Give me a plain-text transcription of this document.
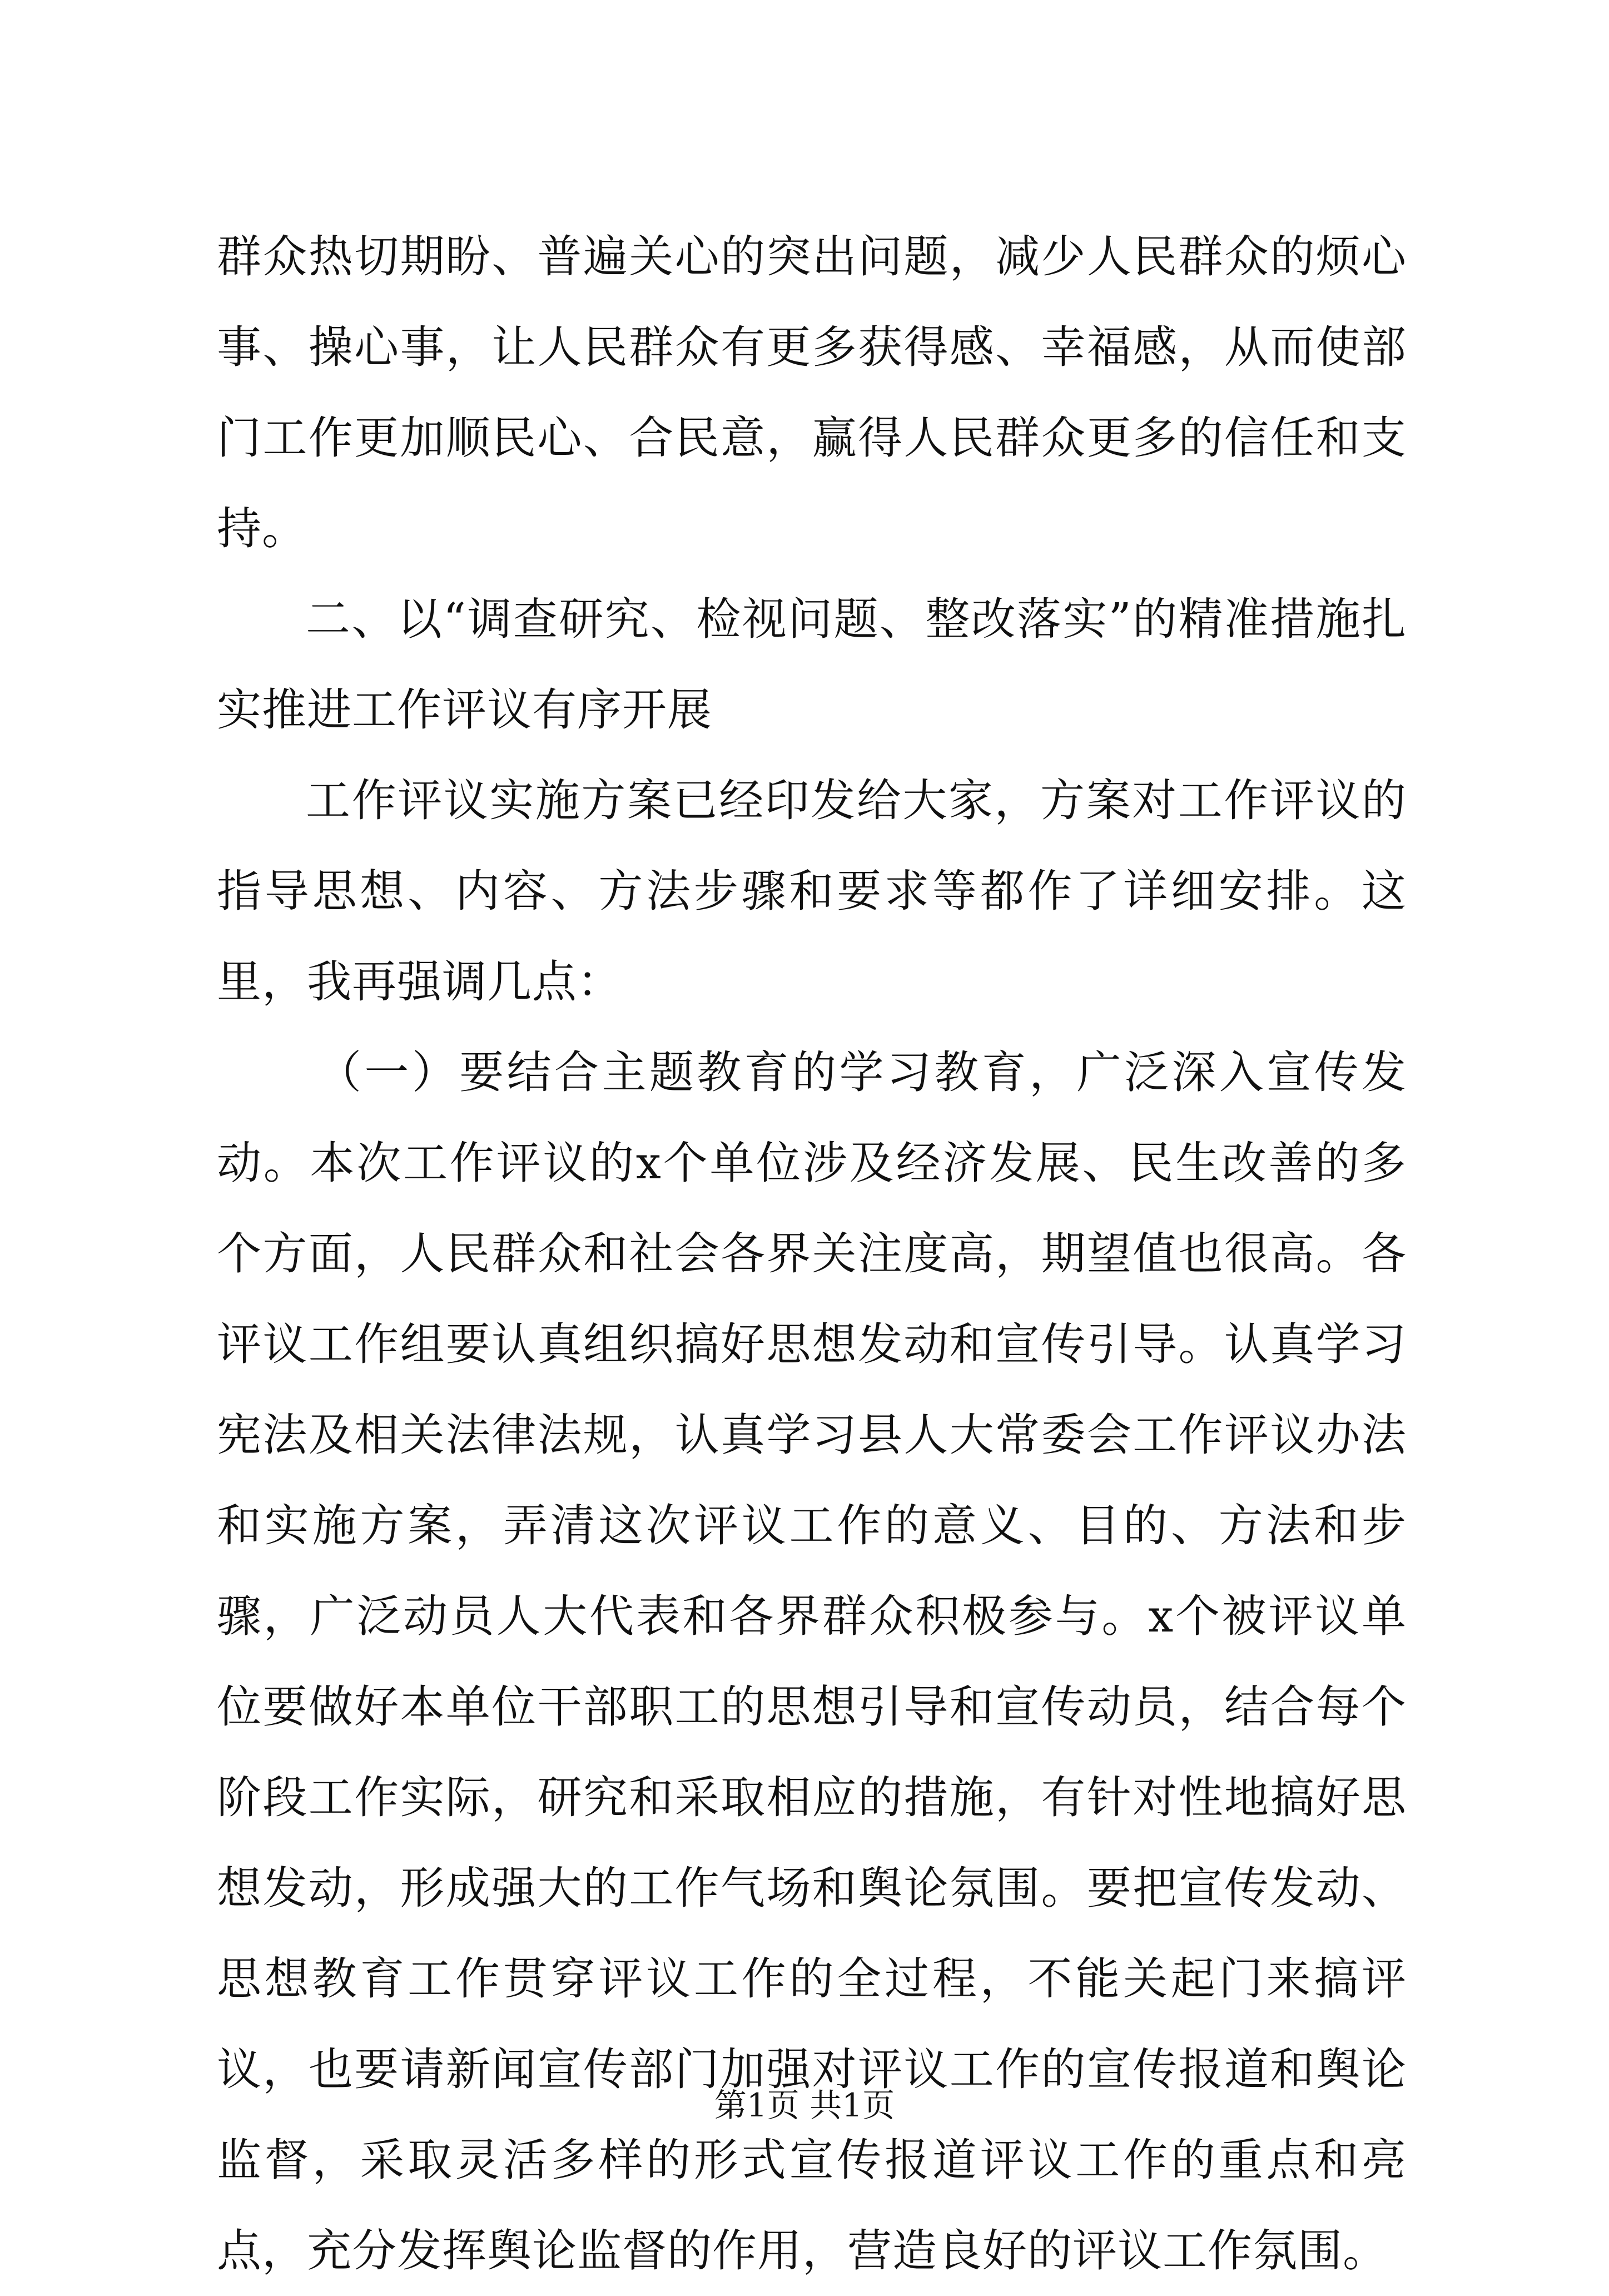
群众热切期盼、普遍关心的突出问题，减少人民群众的烦心事、操心事，让人民群众有更多获得感、幸福感，从而使部门工作更加顺民心、合民意，赢得人民群众更多的信任和支持。

二、以“调查研究、检视问题、整改落实”的精准措施扎实推进工作评议有序开展

工作评议实施方案已经印发给大家，方案对工作评议的指导思想、内容、方法步骤和要求等都作了详细安排。这里，我再强调几点：

（一）要结合主题教育的学习教育，广泛深入宣传发动。本次工作评议的x个单位涉及经济发展、民生改善的多个方面，人民群众和社会各界关注度高，期望值也很高。各评议工作组要认真组织搞好思想发动和宣传引导。认真学习宪法及相关法律法规，认真学习县人大常委会工作评议办法和实施方案，弄清这次评议工作的意义、目的、方法和步骤，广泛动员人大代表和各界群众积极参与。x个被评议单位要做好本单位干部职工的思想引导和宣传动员，结合每个阶段工作实际，研究和采取相应的措施，有针对性地搞好思想发动，形成强大的工作气场和舆论氛围。要把宣传发动、思想教育工作贯穿评议工作的全过程，不能关起门来搞评议，也要请新闻宣传部门加强对评议工作的宣传报道和舆论监督，采取灵活多样的形式宣传报道评议工作的重点和亮点，充分发挥舆论监督的作用，营造良好的评议工作氛围。

第1页 共1页
